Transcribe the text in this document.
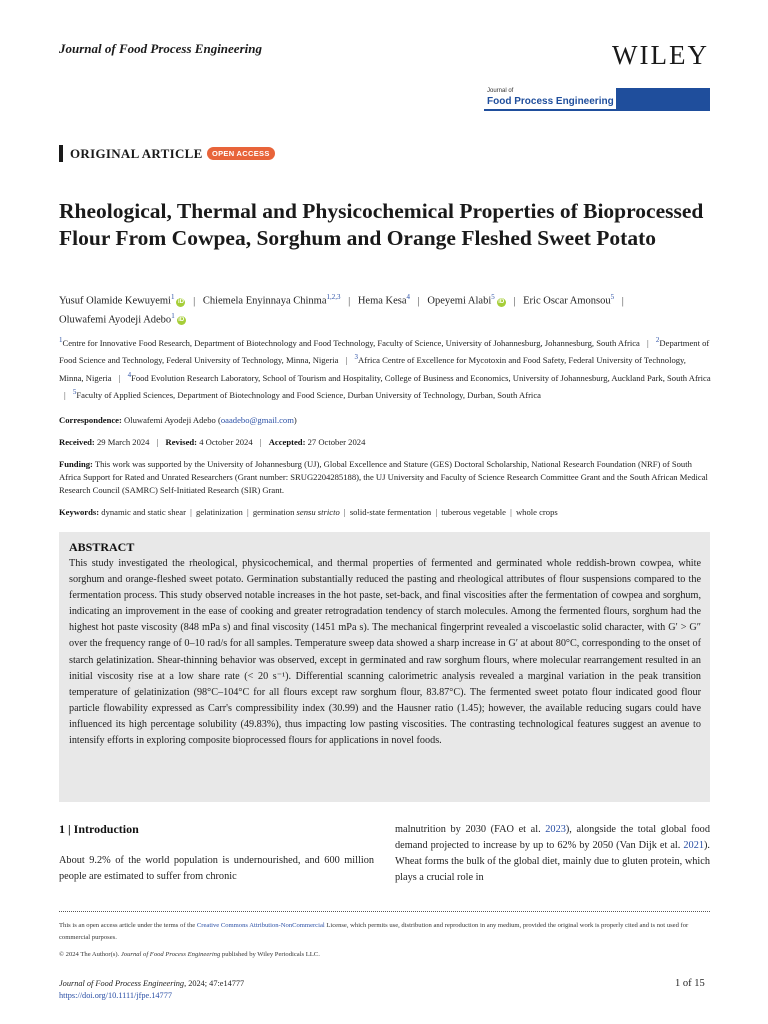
Journal of Food Process Engineering	WILEY
Journal of
Food Process Engineering
ORIGINAL ARTICLE	OPEN ACCESS
Rheological, Thermal and Physicochemical Properties of Bioprocessed Flour From Cowpea, Sorghum and Orange Fleshed Sweet Potato
Yusuf Olamide Kewuyemi$^1$iD | Chiemela Enyinnaya Chinma$^{1,2,3}$ | Hema Kesa$^4$ | Opeyemi Alabi$^5$iD | Eric Oscar Amonsou$^5$ |
Oluwafemi Ayodeji Adebo$^1$iD
$^1$Centre for Innovative Food Research, Department of Biotechnology and Food Technology, Faculty of Science, University of Johannesburg, Johannesburg, South Africa | $^2$Department of Food Science and Technology, Federal University of Technology, Minna, Nigeria | $^3$Africa Centre of Excellence for Mycotoxin and Food Safety, Federal University of Technology, Minna, Nigeria | $^4$Food Evolution Research Laboratory, School of Tourism and Hospitality, College of Business and Economics, University of Johannesburg, Auckland Park, South Africa | $^5$Faculty of Applied Sciences, Department of Biotechnology and Food Science, Durban University of Technology, Durban, South Africa
Correspondence: Oluwafemi Ayodeji Adebo (oaadebo@gmail.com)
Received: 29 March 2024 | Revised: 4 October 2024 | Accepted: 27 October 2024
Funding: This work was supported by the University of Johannesburg (UJ), Global Excellence and Stature (GES) Doctoral Scholarship, National Research Foundation (NRF) of South Africa Support for Rated and Unrated Researchers (Grant number: SRUG2204285188), the UJ University and Faculty of Science Research Committee Grant and the South African Medical Research Council (SAMRC) Self-Initiated Research (SIR) Grant.
Keywords: dynamic and static shear | gelatinization | germination sensu stricto | solid-state fermentation | tuberous vegetable | whole crops
ABSTRACT
This study investigated the rheological, physicochemical, and thermal properties of fermented and germinated whole reddish-brown cowpea, white sorghum and orange-fleshed sweet potato. Germination substantially reduced the pasting and rheological attributes of flour suspensions compared to the fermentation process. This study observed notable increases in the hot paste, set-back, and final viscosities after the fermentation of cowpea and sorghum, indicating an improvement in the ease of cooking and greater retrogradation tendency of starch molecules. Among the fermented flours, sorghum had the highest hot paste viscosity (848 mPa s) and final viscosity (1451 mPa s). The mechanical fingerprint revealed a viscoelastic solid character, with G′ > G″ over the frequency range of 0–10 rad/s for all samples. Temperature sweep data showed a sharp increase in G′ at about 80°C, corresponding to the onset of starch gelatinization. Shear-thinning behavior was observed, except in germinated and raw sorghum flours, where molecular rearrangement resulted in an initial viscosity rise at a low share rate (< 20 s⁻¹). Differential scanning calorimetric analysis revealed a marginal variation in the peak transition temperature of gelatinization (98°C–104°C for all flours except raw sorghum flour, 83.87°C). The fermented sweet potato flour indicated good flour particle flowability expressed as Carr's compressibility index (30.99) and the Hausner ratio (1.45); however, the available reducing sugars could have influenced its high percentage solubility (49.83%), thus impacting low pasting viscosities. The contrasting technological features suggest an avenue to intensify efforts in exploring composite bioprocessed flours for applications in novel foods.
1 | Introduction
About 9.2% of the world population is undernourished, and 600 million people are estimated to suffer from chronic
malnutrition by 2030 (FAO et al. 2023), alongside the total global food demand projected to increase by up to 62% by 2050 (Van Dijk et al. 2021). Wheat forms the bulk of the global diet, mainly due to gluten protein, which plays a crucial role in
This is an open access article under the terms of the Creative Commons Attribution-NonCommercial License, which permits use, distribution and reproduction in any medium, provided the original work is properly cited and is not used for commercial purposes.
© 2024 The Author(s). Journal of Food Process Engineering published by Wiley Periodicals LLC.
Journal of Food Process Engineering, 2024; 47:e14777
https://doi.org/10.1111/jfpe.14777
1 of 15
